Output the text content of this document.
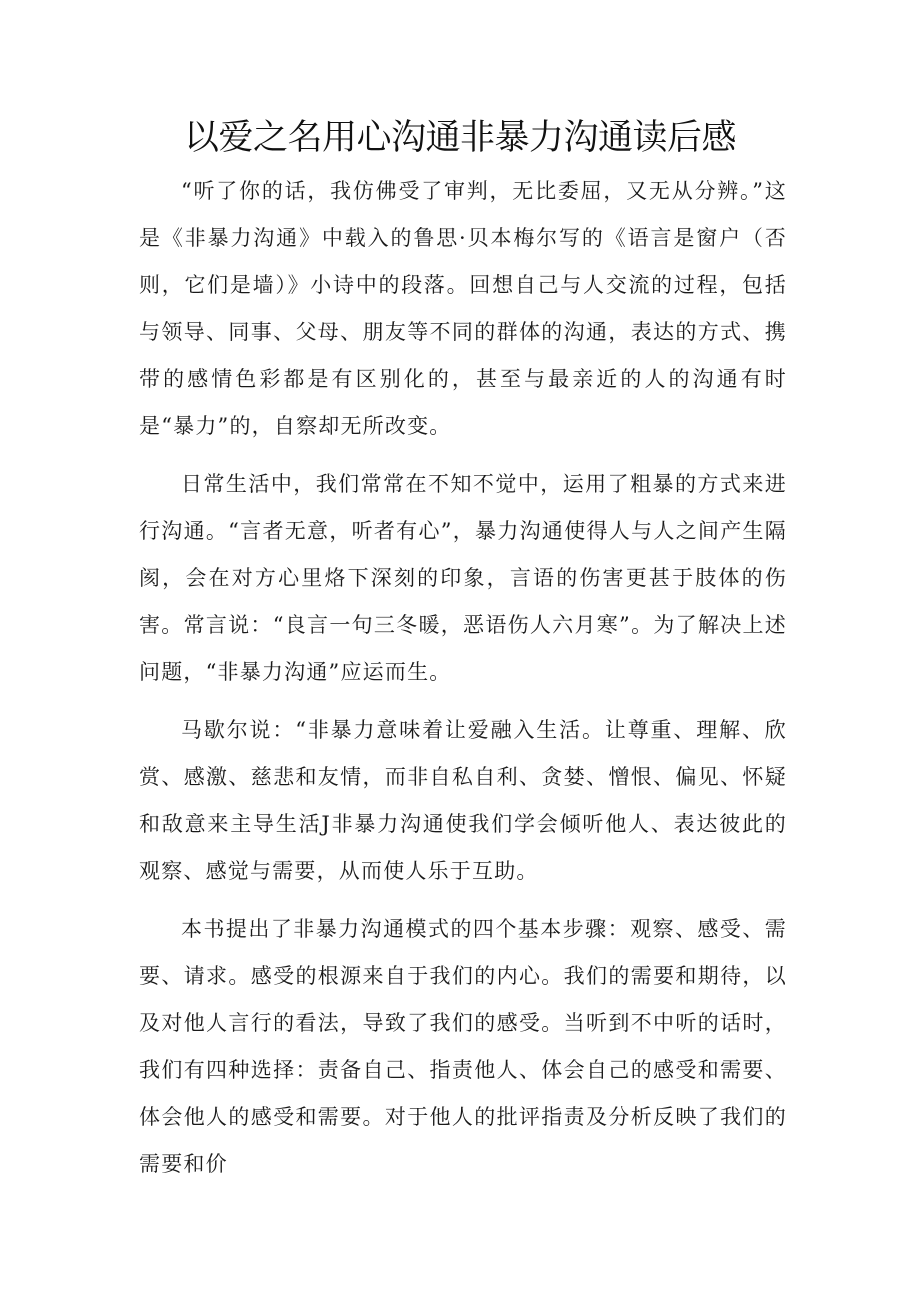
以爱之名用心沟通非暴力沟通读后感

“听了你的话，我仿佛受了审判，无比委屈，又无从分辨。”这是《非暴力沟通》中载入的鲁思·贝本梅尔写的《语言是窗户（否则，它们是墙）》小诗中的段落。回想自己与人交流的过程，包括与领导、同事、父母、朋友等不同的群体的沟通，表达的方式、携带的感情色彩都是有区别化的，甚至与最亲近的人的沟通有时是“暴力”的，自察却无所改变。

日常生活中，我们常常在不知不觉中，运用了粗暴的方式来进行沟通。“言者无意，听者有心”，暴力沟通使得人与人之间产生隔阂，会在对方心里烙下深刻的印象，言语的伤害更甚于肢体的伤害。常言说：“良言一句三冬暖，恶语伤人六月寒”。为了解决上述问题，“非暴力沟通”应运而生。

马歇尔说：“非暴力意味着让爱融入生活。让尊重、理解、欣赏、感激、慈悲和友情，而非自私自利、贪婪、憎恨、偏见、怀疑和敌意来主导生活J非暴力沟通使我们学会倾听他人、表达彼此的观察、感觉与需要，从而使人乐于互助。

本书提出了非暴力沟通模式的四个基本步骤：观察、感受、需要、请求。感受的根源来自于我们的内心。我们的需要和期待，以及对他人言行的看法，导致了我们的感受。当听到不中听的话时，我们有四种选择：责备自己、指责他人、体会自己的感受和需要、体会他人的感受和需要。对于他人的批评指责及分析反映了我们的需要和价
